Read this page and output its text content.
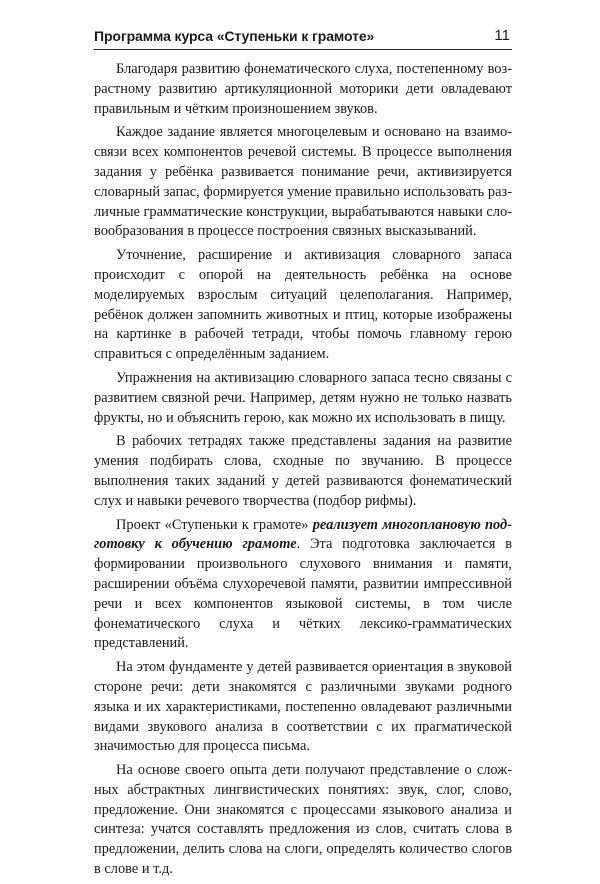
Программа курса «Ступеньки к грамоте»	11

Благодаря развитию фонематического слуха, постепенному возрастному развитию артикуляционной моторики дети овладевают правильным и чётким произношением звуков.

Каждое задание является многоцелевым и основано на взаимосвязи всех компонентов речевой системы. В процессе выполнения задания у ребёнка развивается понимание речи, активизируется словарный запас, формируется умение правильно использовать различные грамматические конструкции, вырабатываются навыки словообразования в процессе построения связных высказываний.

Уточнение, расширение и активизация словарного запаса происходит с опорой на деятельность ребёнка на основе моделируемых взрослым ситуаций целеполагания. Например, ребёнок должен запомнить животных и птиц, которые изображены на картинке в рабочей тетради, чтобы помочь главному герою справиться с определённым заданием.

Упражнения на активизацию словарного запаса тесно связаны с развитием связной речи. Например, детям нужно не только назвать фрукты, но и объяснить герою, как можно их использовать в пищу.

В рабочих тетрадях также представлены задания на развитие умения подбирать слова, сходные по звучанию. В процессе выполнения таких заданий у детей развиваются фонематический слух и навыки речевого творчества (подбор рифмы).

Проект «Ступеньки к грамоте» реализует многоплановую подготовку к обучению грамоте. Эта подготовка заключается в формировании произвольного слухового внимания и памяти, расширении объёма слухоречевой памяти, развитии импрессивной речи и всех компонентов языковой системы, в том числе фонематического слуха и чётких лексико-грамматических представлений.

На этом фундаменте у детей развивается ориентация в звуковой стороне речи: дети знакомятся с различными звуками родного языка и их характеристиками, постепенно овладевают различными видами звукового анализа в соответствии с их прагматической значимостью для процесса письма.

На основе своего опыта дети получают представление о сложных абстрактных лингвистических понятиях: звук, слог, слово, предложение. Они знакомятся с процессами языкового анализа и синтеза: учатся составлять предложения из слов, считать слова в предложении, делить слова на слоги, определять количество слогов в слове и т.д.
